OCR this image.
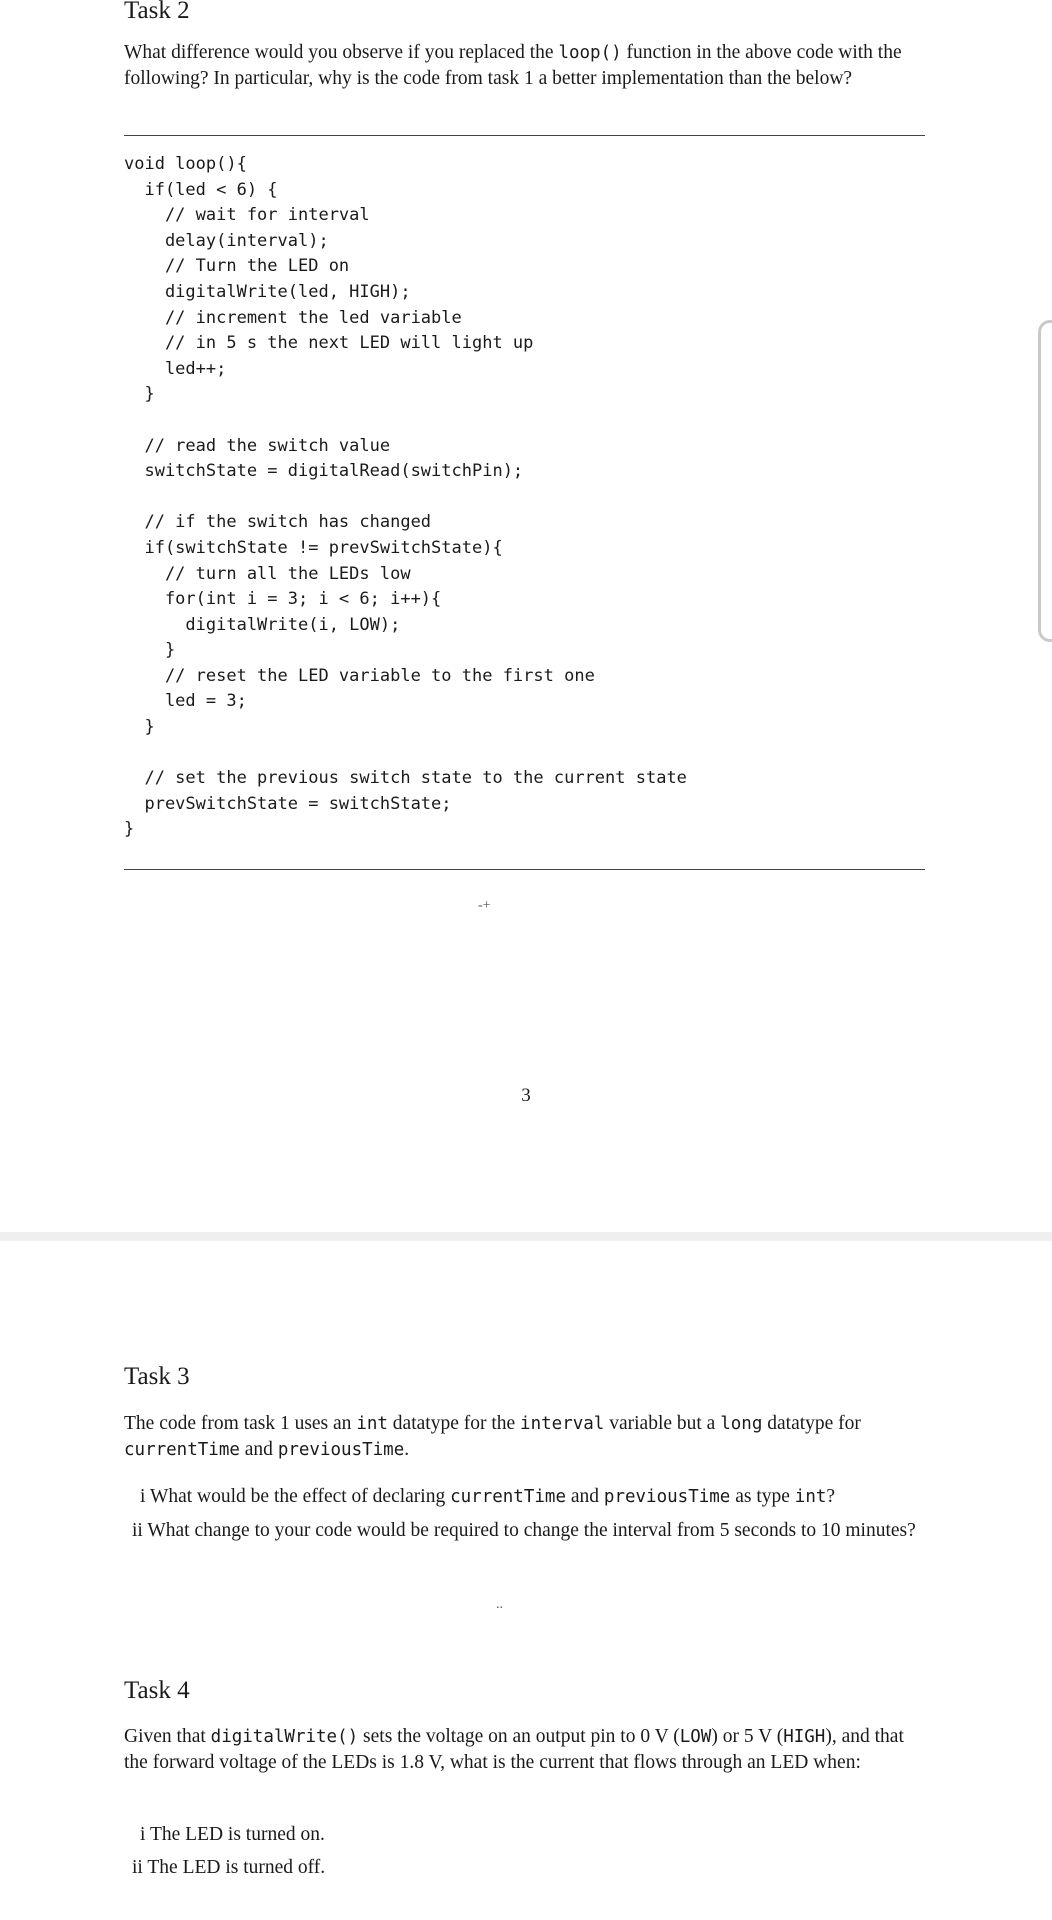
Task 2

What difference would you observe if you replaced the loop() function in the above code with the following? In particular, why is the code from task 1 a better implementation than the below?

void loop(){
if(led < 6) {
// wait for interval
delay(interval);
// Turn the LED on
digitalWrite(led, HIGH);
// increment the led variable
// in 5 s the next LED will light up
led++;
}

// read the switch value
switchState = digitalRead(switchPin);

// if the switch has changed
if(switchState != prevSwitchState){
// turn all the LEDs low
for(int i = 3; i < 6; i++){
digitalWrite(i, LOW);
}
// reset the LED variable to the first one
led = 3;
}

// set the previous switch state to the current state
prevSwitchState = switchState;
}
-+
3
Task 3

The code from task 1 uses an int datatype for the interval variable but a long datatype for currentTime and previousTime.

i What would be the effect of declaring currentTime and previousTime as type int?
ii What change to your code would be required to change the interval from 5 seconds to 10 minutes?
..
Task 4

Given that digitalWrite() sets the voltage on an output pin to 0 V (LOW) or 5 V (HIGH), and that the forward voltage of the LEDs is 1.8 V, what is the current that flows through an LED when:

i The LED is turned on.
ii The LED is turned off.
